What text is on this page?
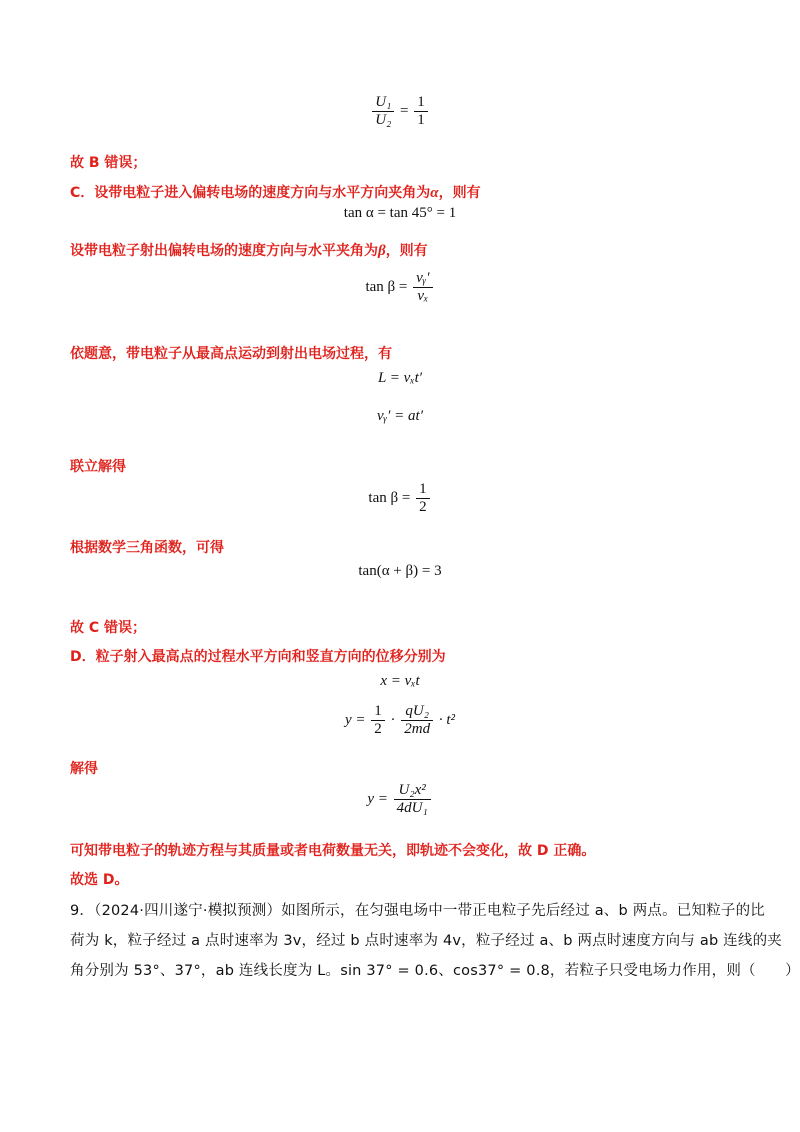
$\frac{\text{U₁}}{\text{U₂}} = \frac{1}{1}$
故 B 错误；
C．设带电粒子进入偏转电场的速度方向与水平方向夹角为α，则有
tan α = tan 45° = 1
设带电粒子射出偏转电场的速度方向与水平夹角为β，则有
$\tan \beta = \frac{\text{vᵧ′}}{\text{vₓ}}$
依题意，带电粒子从最高点运动到射出电场过程，有
L = vₓt′
vᵧ′ = at′
联立解得
$\tan \beta = \frac{1}{2}$
根据数学三角函数，可得
tan(α + β) = 3
故 C 错误；
D．粒子射入最高点的过程水平方向和竖直方向的位移分别为
x = vₓt
$y = \frac{1}{2} \cdot \frac{\text{qU₂}}{2md} \cdot t^2$
解得
$y = \frac{\text{U₂x²}}{\text{4dU₁}}$
可知带电粒子的轨迹方程与其质量或者电荷数量无关，即轨迹不会变化，故 D 正确。
故选 D。
9．（2024·四川遂宁·模拟预测）如图所示，在匀强电场中一带正电粒子先后经过 a、b 两点。已知粒子的比
荷为 k，粒子经过 a 点时速率为 3v，经过 b 点时速率为 4v，粒子经过 a、b 两点时速度方向与 ab 连线的夹
角分别为 53°、37°，ab 连线长度为 L。sin 37° = 0.6、cos37° = 0.8，若粒子只受电场力作用，则（　　）
